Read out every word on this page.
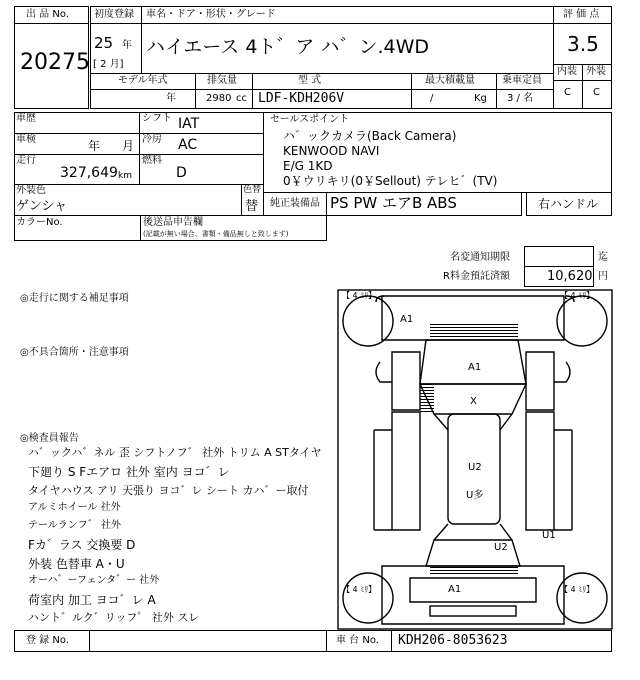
出 品 No.
20275
初度登録
25 年
[ 2 月]
車名・ドア・形状・グレード
ハイエース 4ト゛ア ハ゛ン.4WD
評 価 点
3.5
内装 外装
C C
モデル年式
年
排気量
2980 cc
型 式
LDF-KDH206V
最大積載量
/	Kg
乗車定員
3 / 名
車歴
車検	年 月
走行
327,649 km
シフト IAT
冷房 AC
燃料
D
セールスポイント
ハ゛ックカメラ(Back Camera)
KENWOOD NAVI
E/G 1KD
0￥ウリキリ(0￥Sellout) テレヒ゛(TV)
外装色
ゲンシャ
色替
替 純正装備品 PS PW エアB ABS	右ハンドル
カラーNo.	後送品申告欄
(記載が無い場合、書類・備品無しと致します)
名変通知期限	迄
R料金預託済額	10,620 円
◎走行に関する補足事項
◎不具合箇所・注意事項
◎検査員報告
ハ゛ックハ゛ネル 歪 シフトノフ゛ 社外 トリム A STタイヤ
下廻り S Fエアロ 社外 室内 ヨコ゛レ
タイヤハウス アリ 天張り ヨコ゛レ シート カハ゛ー取付
アルミホイール 社外
テールランフ゛ 社外
Fカ゛ラス 交換要 D
外装 色替車 A・U
オーハ゛ーフェンタ゛ー 社外
荷室内 加工 ヨコ゛レ A
ハント゛ルク゛リッフ゜ 社外 スレ
【 4 ﾐﾘ】	【 4 ﾐﾘ】
【 4 ﾐﾘ】	【 4 ﾐﾘ】
A1
A1
X
U2
U多
U2
U1
A1
登 録 No.	車 台 No. KDH206-8053623
